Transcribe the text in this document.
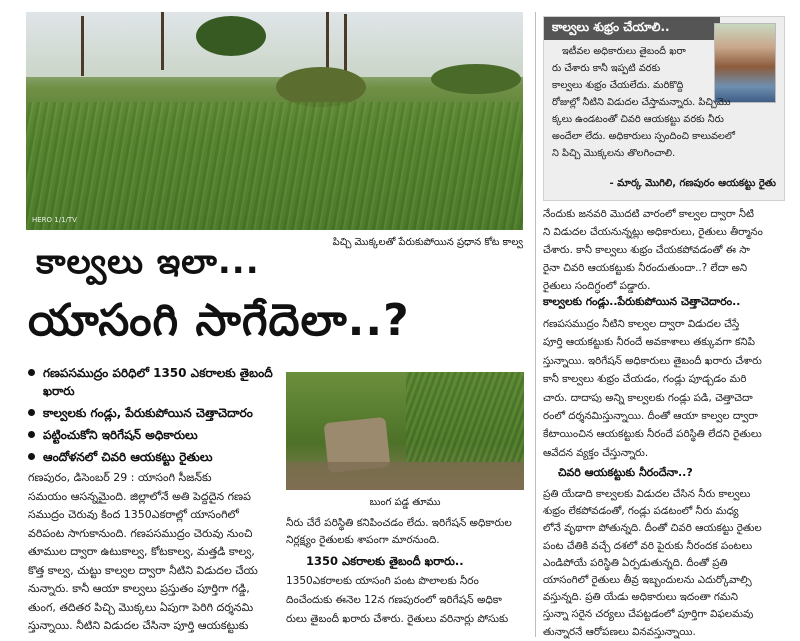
HERO 1/1/TV
పిచ్చి మొక్కలతో పేరుకుపోయిన ప్రధాన కోట కాల్వ
కాల్వలు ఇలా...
యాసంగి సాగేదెలా..?
గణపసముద్రం పరిధిలో 1350 ఎకరాలకు తైబందీ ఖరారు
కాల్వలకు గండ్లు, పేరుకుపోయిన చెత్తాచెదారం
పట్టించుకోని ఇరిగేషన్‌ అధికారులు
ఆందోళనలో చివరి ఆయకట్టు రైతులు
గణపురం, డిసెంబర్‌ 29 : యాసంగి సీజన్‌కు
సమయం ఆసన్నమైంది. జిల్లాలోనే అతి పెద్దదైన గణప
సముద్రం చెరువు కింద 1350ఎకరాల్లో యాసంగిలో
వరిపంట సాగుకానుంది. గణపసముద్రం చెరువు నుంచి
తూముల ద్వారా ఉటుకాల్వ, కోటకాల్వ, మత్తడి కాల్వ,
కొత్త కాల్వ, చుట్టు కాల్వల ద్వారా నీటిని విడుదల చేయ
నున్నారు. కానీ ఆయా కాల్వలు ప్రస్తుతం పూర్తిగా గడ్డి,
తుంగ, తదితర పిచ్చి మొక్కలు ఏపుగా పెరిగి దర్శనమి
స్తున్నాయి. నీటిని విడుదల చేసినా పూర్తి ఆయకట్టుకు
బుంగ పడ్డ తూము
నీరు చేరే పరిస్థితి కనిపించడం లేదు. ఇరిగేషన్‌ అధికారుల
నిర్లక్ష్యం రైతులకు శాపంగా మారనుంది.
1350 ఎకరాలకు తైబందీ ఖరారు..
1350ఎకరాలకు యాసంగి పంట పొలాలకు నీరం
దించేందుకు ఈనెల 12న గణపురంలో ఇరిగేషన్‌ అధికా
రులు తైబందీ ఖరారు చేశారు. రైతులు వరినార్లు పోసుకు
కాల్వలు శుభ్రం చేయాలి..
ఇటీవల అధికారులు తైబందీ ఖరా
రు చేశారు కానీ ఇప్పటి వరకు
కాల్వలు శుభ్రం చేయలేదు. మరికొద్ది
రోజుల్లో నీటిని విడుదల చేస్తామన్నారు. పిచ్చిమొ
క్కలు ఉండటంతో చివరి ఆయకట్టు వరకు నీరు
అందేలా లేదు. అధికారులు స్పందించి కాలువలలో
ని పిచ్చి మొక్కలను తొలగించాలి.
- మార్క మొగిలి, గణపురం ఆయకట్టు రైతు
నేందుకు జనవరి మొదటి వారంలో కాల్వల ద్వారా నీటి
ని విడుదల చేయనున్నట్లు అధికారులు, రైతులు తీర్మానం
చేశారు. కానీ కాల్వలు శుభ్రం చేయకపోవడంతో ఈ సా
రైనా చివరి ఆయకట్టుకు నీరందుతుందా..? లేదా అని
రైతులు సందిగ్ధంలో పడ్డారు.
కాల్వలకు గండ్లు..పేరుకుపోయిన చెత్తాచెదారం..
గణపసముద్రం నీటిని కాల్వల ద్వారా విడుదల చేస్తే
పూర్తి ఆయకట్టుకు నీరందే అవకాశాలు తక్కువగా కనిపి
స్తున్నాయి. ఇరిగేషన్‌ అధికారులు తైబందీ ఖరారు చేశారు
కానీ కాల్వలు శుభ్రం చేయడం, గండ్లు పూడ్చడం మరి
చారు. దాదాపు అన్ని కాల్వలకు గండ్లు పడి, చెత్తాచెదా
రంలో దర్శనమిస్తున్నాయి. దీంతో ఆయా కాల్వల ద్వారా
కేటాయించిన ఆయకట్టుకు నీరందే పరిస్థితి లేదని రైతులు
ఆవేదన వ్యక్తం చేస్తున్నారు.
చివరి ఆయకట్టుకు నీరందేనా..?
ప్రతి యేడాది కాల్వలకు విడుదల చేసిన నీరు కాల్వలు
శుభ్రం లేకపోవడంతో, గండ్లు పడటంలో నీరు మధ్య
లోనే వృథాగా పోతున్నది. దీంతో చివరి ఆయకట్టు రైతుల
పంట చేతికి వచ్చే దశలో వరి పైరుకు నీరందక పంటలు
ఎండిపోయే పరిస్థితి ఏర్పడుతున్నది. దీంతో ప్రతి
యాసంగిలో రైతులు తీవ్ర ఇబ్బందులను ఎదుర్కోవాల్సి
వస్తున్నది. ప్రతి యేడు అధికారులు ఇదంతా గమని
స్తున్నా సరైన చర్యలు చేపట్టడంలో పూర్తిగా విఫలమవు
తున్నారనే ఆరోపణలు వినవస్తున్నాయి.
